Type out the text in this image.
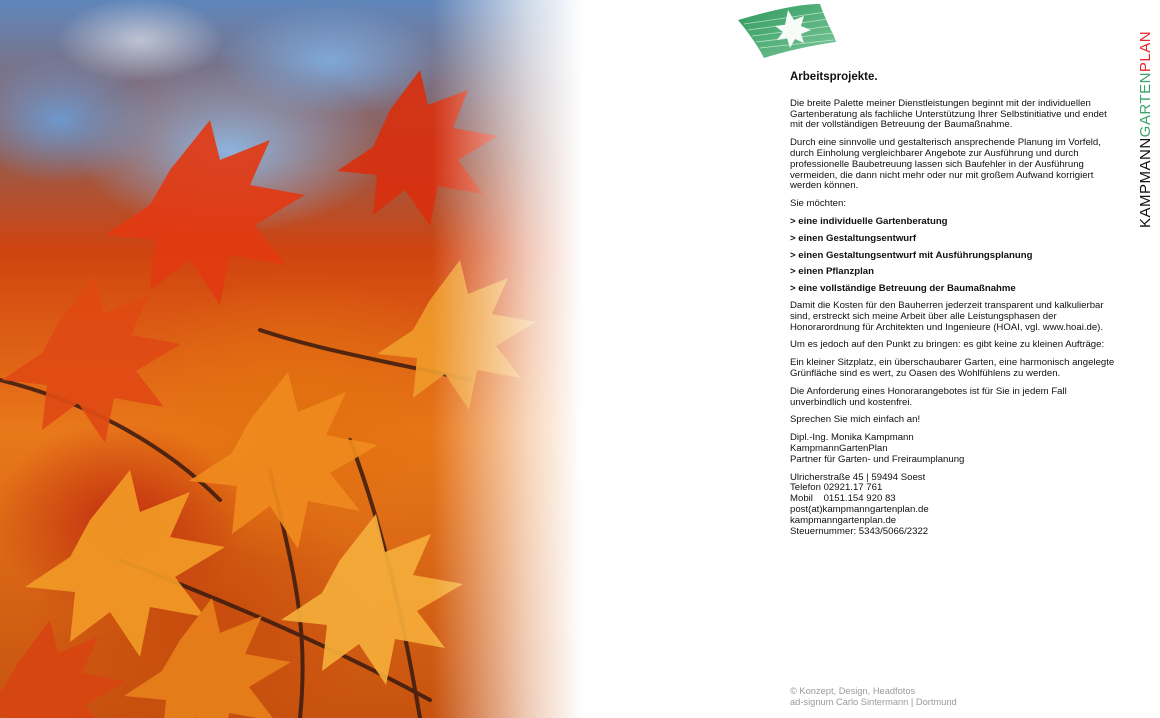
KAMPMANNGARTENPLAN
Arbeitsprojekte.

Die breite Palette meiner Dienstleistungen beginnt mit der individuellen Gartenberatung als fachliche Unterstützung Ihrer Selbstinitiative und endet mit der vollständigen Betreuung der Baumaßnahme.

Durch eine sinnvolle und gestalterisch ansprechende Planung im Vorfeld, durch Einholung vergleichbarer Angebote zur Ausführung und durch professionelle Baubetreuung lassen sich Baufehler in der Ausführung vermeiden, die dann nicht mehr oder nur mit großem Aufwand korrigiert werden können.

Sie möchten:

> eine individuelle Gartenberatung
> einen Gestaltungsentwurf
> einen Gestaltungsentwurf mit Ausführungsplanung
> einen Pflanzplan
> eine vollständige Betreuung der Baumaßnahme

Damit die Kosten für den Bauherren jederzeit transparent und kalkulierbar sind, erstreckt sich meine Arbeit über alle Leistungsphasen der Honorarordnung für Architekten und Ingenieure (HOAI, vgl. www.hoai.de).

Um es jedoch auf den Punkt zu bringen: es gibt keine zu kleinen Aufträge:

Ein kleiner Sitzplatz, ein überschaubarer Garten, eine harmonisch angelegte Grünfläche sind es wert, zu Oasen des Wohlfühlens zu werden.

Die Anforderung eines Honorarangebotes ist für Sie in jedem Fall unverbindlich und kostenfrei.

Sprechen Sie mich einfach an!

Dipl.-Ing. Monika Kampmann
KampmannGartenPlan
Partner für Garten- und Freiraumplanung
Ulricherstraße 45 | 59494 Soest
Telefon 02921.17 761
Mobil    0151.154 920 83
post(at)kampmanngartenplan.de
kampmanngartenplan.de
Steuernummer: 5343/5066/2322
© Konzept, Design, Headfotos
ad-signum Carlo Sintermann | Dortmund
